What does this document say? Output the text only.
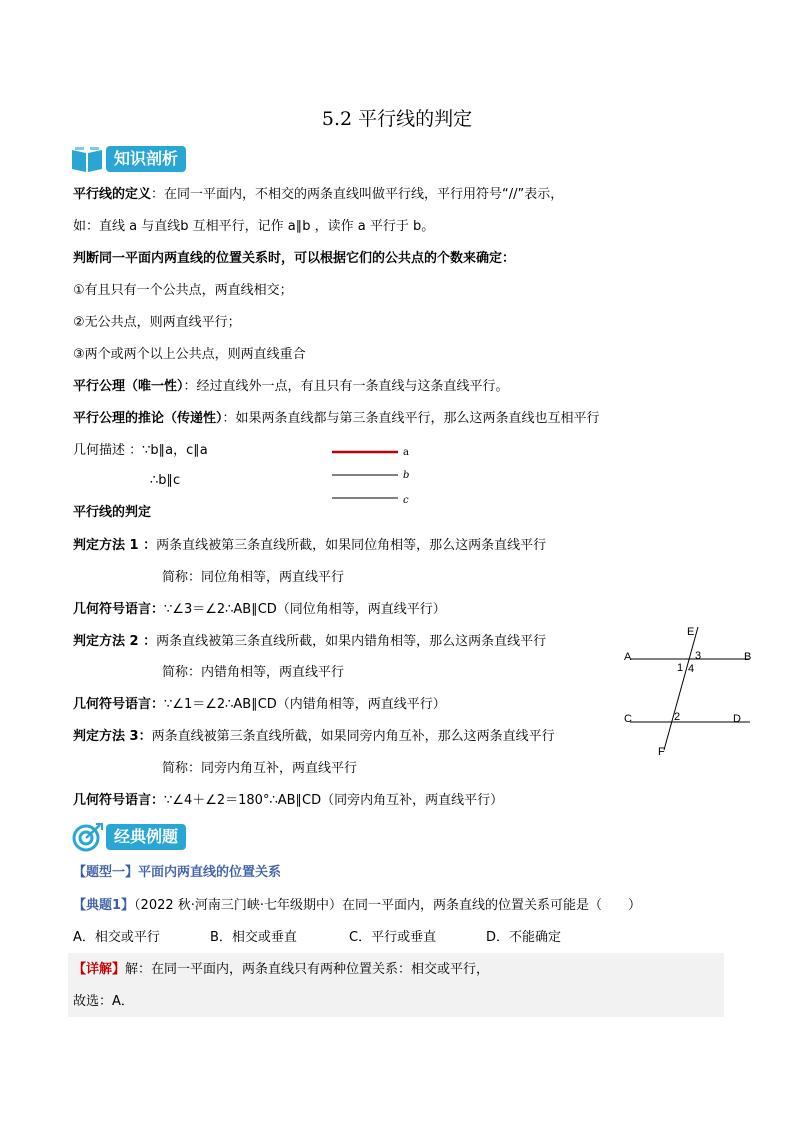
5.2 平行线的判定
知识剖析
平行线的定义：在同一平面内，不相交的两条直线叫做平行线，平行用符号“//”表示，
如：直线 a 与直线b 互相平行，记作 a∥b ，读作 a 平行于 b。
判断同一平面内两直线的位置关系时，可以根据它们的公共点的个数来确定：
①有且只有一个公共点，两直线相交；
②无公共点，则两直线平行；
③两个或两个以上公共点，则两直线重合
平行公理（唯一性）：经过直线外一点，有且只有一条直线与这条直线平行。
平行公理的推论（传递性）：如果两条直线都与第三条直线平行，那么这两条直线也互相平行
几何描述 ：∵b∥a，c∥a
∴b∥c
a
b
c
平行线的判定
判定方法 1 ：两条直线被第三条直线所截，如果同位角相等，那么这两条直线平行
简称：同位角相等，两直线平行
几何符号语言：∵∠3＝∠2∴AB∥CD（同位角相等，两直线平行）
判定方法 2 ：两条直线被第三条直线所截，如果内错角相等，那么这两条直线平行
简称：内错角相等，两直线平行
几何符号语言：∵∠1＝∠2∴AB∥CD（内错角相等，两直线平行）
判定方法 3：两条直线被第三条直线所截，如果同旁内角互补，那么这两条直线平行
简称：同旁内角互补，两直线平行
几何符号语言：∵∠4＋∠2＝180°∴AB∥CD（同旁内角互补，两直线平行）
E
A	3	B
1 4
C	2	D
F
经典例题
【题型一】平面内两直线的位置关系
【典题1】（2022 秋·河南三门峡·七年级期中）在同一平面内，两条直线的位置关系可能是（　　）
A．相交或平行	B．相交或垂直	C．平行或垂直	D．不能确定
【详解】解：在同一平面内，两条直线只有两种位置关系：相交或平行，
故选：A．
